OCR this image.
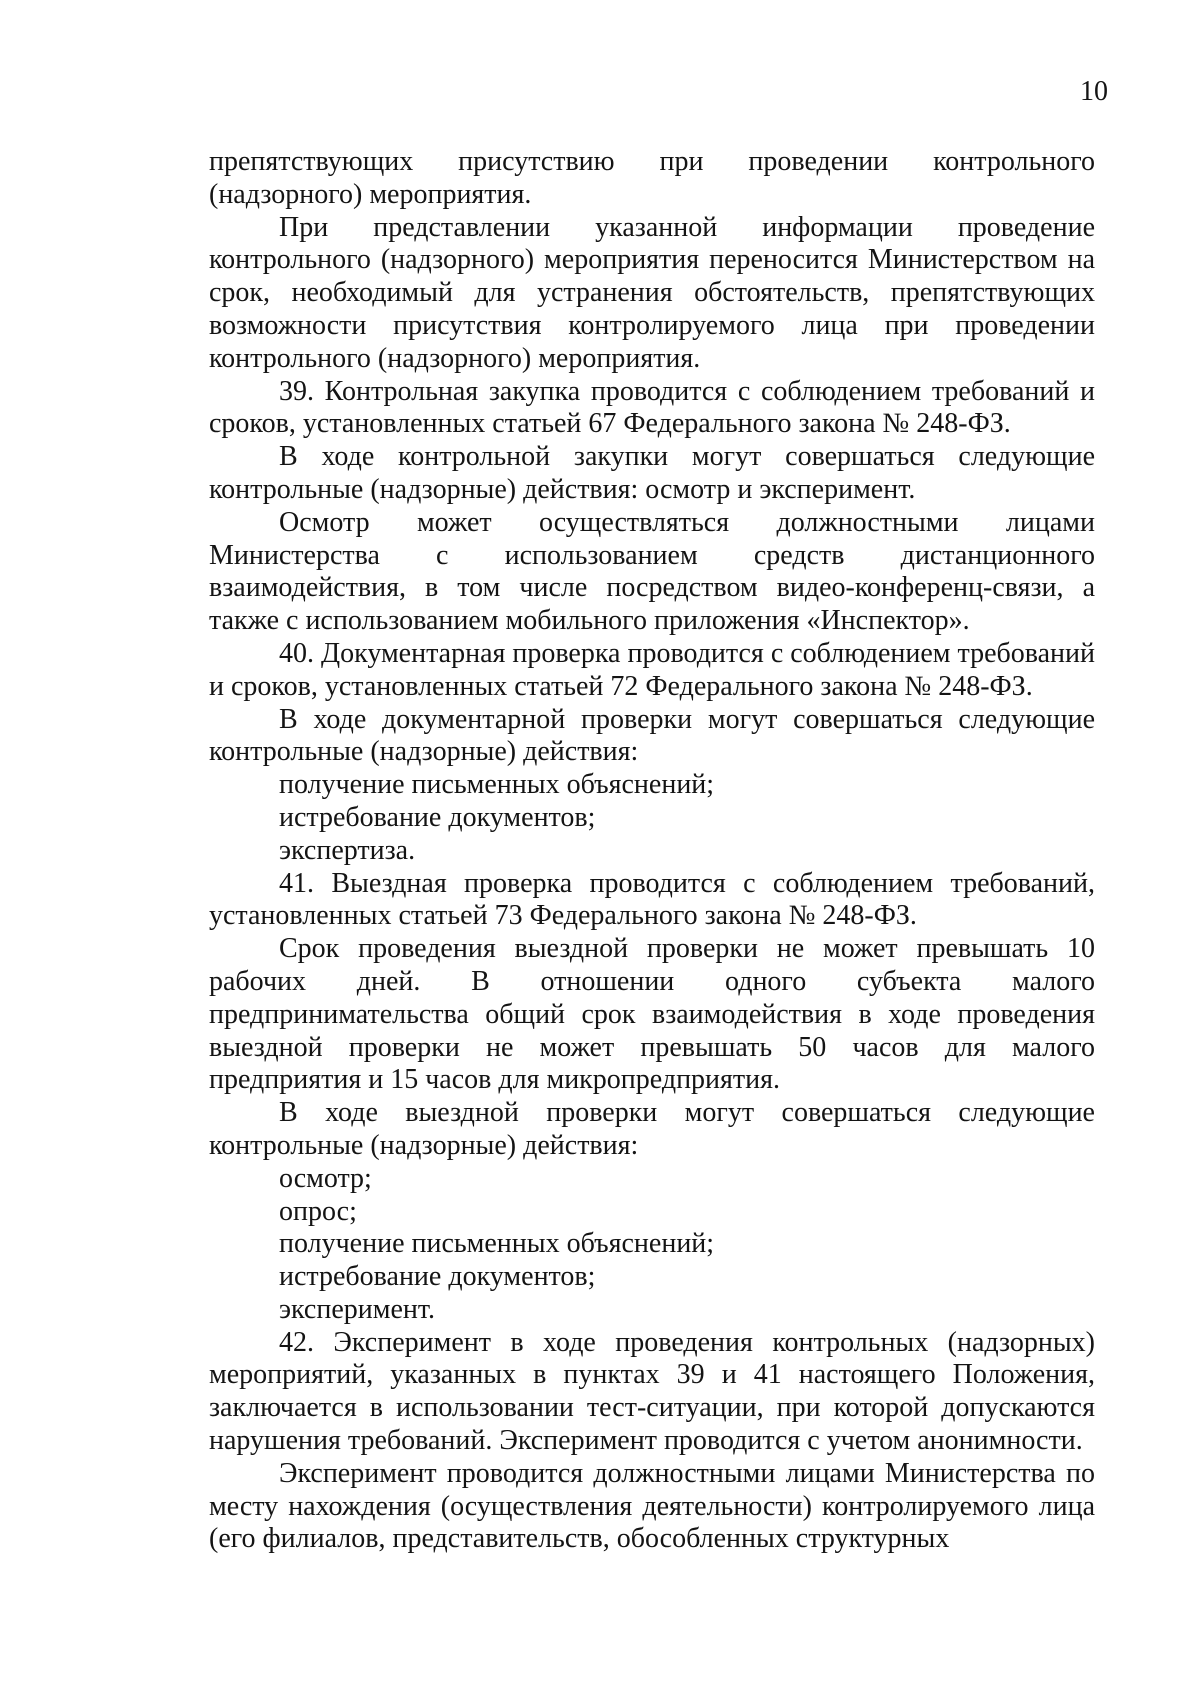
10

препятствующих присутствию при проведении контрольного (надзорного) мероприятия.

При представлении указанной информации проведение контрольного (надзорного) мероприятия переносится Министерством на срок, необходимый для устранения обстоятельств, препятствующих возможности присутствия контролируемого лица при проведении контрольного (надзорного) мероприятия.

39. Контрольная закупка проводится с соблюдением требований и сроков, установленных статьей 67 Федерального закона № 248-ФЗ.

В ходе контрольной закупки могут совершаться следующие контрольные (надзорные) действия: осмотр и эксперимент.

Осмотр может осуществляться должностными лицами Министерства с использованием средств дистанционного взаимодействия, в том числе посредством видео-конференц-связи, а также с использованием мобильного приложения «Инспектор».

40. Документарная проверка проводится с соблюдением требований и сроков, установленных статьей 72 Федерального закона № 248-ФЗ.

В ходе документарной проверки могут совершаться следующие контрольные (надзорные) действия:

получение письменных объяснений;

истребование документов;

экспертиза.

41. Выездная проверка проводится с соблюдением требований, установленных статьей 73 Федерального закона № 248-ФЗ.

Срок проведения выездной проверки не может превышать 10 рабочих дней. В отношении одного субъекта малого предпринимательства общий срок взаимодействия в ходе проведения выездной проверки не может превышать 50 часов для малого предприятия и 15 часов для микропредприятия.

В ходе выездной проверки могут совершаться следующие контрольные (надзорные) действия:

осмотр;

опрос;

получение письменных объяснений;

истребование документов;

эксперимент.

42. Эксперимент в ходе проведения контрольных (надзорных) мероприятий, указанных в пунктах 39 и 41 настоящего Положения, заключается в использовании тест-ситуации, при которой допускаются нарушения требований. Эксперимент проводится с учетом анонимности.

Эксперимент проводится должностными лицами Министерства по месту нахождения (осуществления деятельности) контролируемого лица (его филиалов, представительств, обособленных структурных
